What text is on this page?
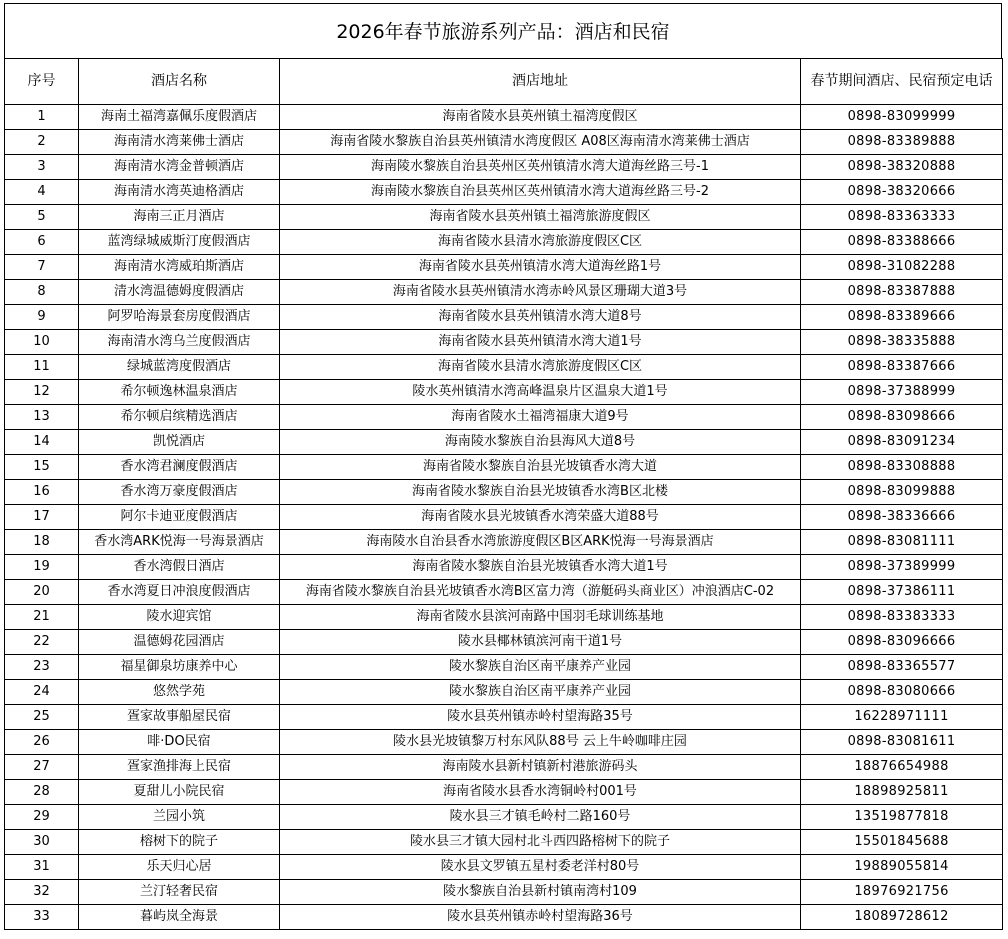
2026年春节旅游系列产品：酒店和民宿
序号	酒店名称	酒店地址	春节期间酒店、民宿预定电话
1	海南土福湾嘉佩乐度假酒店	海南省陵水县英州镇土福湾度假区	0898-83099999
2	海南清水湾莱佛士酒店	海南省陵水黎族自治县英州镇清水湾度假区 A08区海南清水湾莱佛士酒店	0898-83389888
3	海南清水湾金普顿酒店	海南陵水黎族自治县英州区英州镇清水湾大道海丝路三号-1	0898-38320888
4	海南清水湾英迪格酒店	海南陵水黎族自治县英州区英州镇清水湾大道海丝路三号-2	0898-38320666
5	海南三正月酒店	海南省陵水县英州镇土福湾旅游度假区	0898-83363333
6	蓝湾绿城威斯汀度假酒店	海南省陵水县清水湾旅游度假区C区	0898-83388666
7	海南清水湾威珀斯酒店	海南省陵水县英州镇清水湾大道海丝路1号	0898-31082288
8	清水湾温德姆度假酒店	海南省陵水县英州镇清水湾赤岭风景区珊瑚大道3号	0898-83387888
9	阿罗哈海景套房度假酒店	海南省陵水县英州镇清水湾大道8号	0898-83389666
10	海南清水湾乌兰度假酒店	海南省陵水县英州镇清水湾大道1号	0898-38335888
11	绿城蓝湾度假酒店	海南省陵水县清水湾旅游度假区C区	0898-83387666
12	希尔顿逸林温泉酒店	陵水英州镇清水湾高峰温泉片区温泉大道1号	0898-37388999
13	希尔顿启缤精选酒店	海南省陵水土福湾福康大道9号	0898-83098666
14	凯悦酒店	海南陵水黎族自治县海风大道8号	0898-83091234
15	香水湾君澜度假酒店	海南省陵水黎族自治县光坡镇香水湾大道	0898-83308888
16	香水湾万豪度假酒店	海南省陵水黎族自治县光坡镇香水湾B区北楼	0898-83099888
17	阿尔卡迪亚度假酒店	海南省陵水县光坡镇香水湾荣盛大道88号	0898-38336666
18	香水湾ARK悦海一号海景酒店	海南陵水自治县香水湾旅游度假区B区ARK悦海一号海景酒店	0898-83081111
19	香水湾假日酒店	海南省陵水黎族自治县光坡镇香水湾大道1号	0898-37389999
20	香水湾夏日冲浪度假酒店	海南省陵水黎族自治县光坡镇香水湾B区富力湾（游艇码头商业区）冲浪酒店C-02	0898-37386111
21	陵水迎宾馆	海南省陵水县滨河南路中国羽毛球训练基地	0898-83383333
22	温德姆花园酒店	陵水县椰林镇滨河南干道1号	0898-83096666
23	福星御泉坊康养中心	陵水黎族自治区南平康养产业园	0898-83365577
24	悠然学苑	陵水黎族自治区南平康养产业园	0898-83080666
25	疍家故事船屋民宿	陵水县英州镇赤岭村望海路35号	16228971111
26	啡·DO民宿	陵水县光坡镇黎万村东风队88号 云上牛岭咖啡庄园	0898-83081611
27	疍家渔排海上民宿	海南陵水县新村镇新村港旅游码头	18876654988
28	夏甜儿小院民宿	海南省陵水县香水湾铜岭村001号	18898925811
29	兰园小筑	陵水县三才镇毛岭村二路160号	13519877818
30	榕树下的院子	陵水县三才镇大园村北斗西四路榕树下的院子	15501845688
31	乐天归心居	陵水县文罗镇五星村委老洋村80号	19889055814
32	兰汀轻奢民宿	陵水黎族自治县新村镇南湾村109	18976921756
33	暮屿岚全海景	陵水县英州镇赤岭村望海路36号	18089728612
